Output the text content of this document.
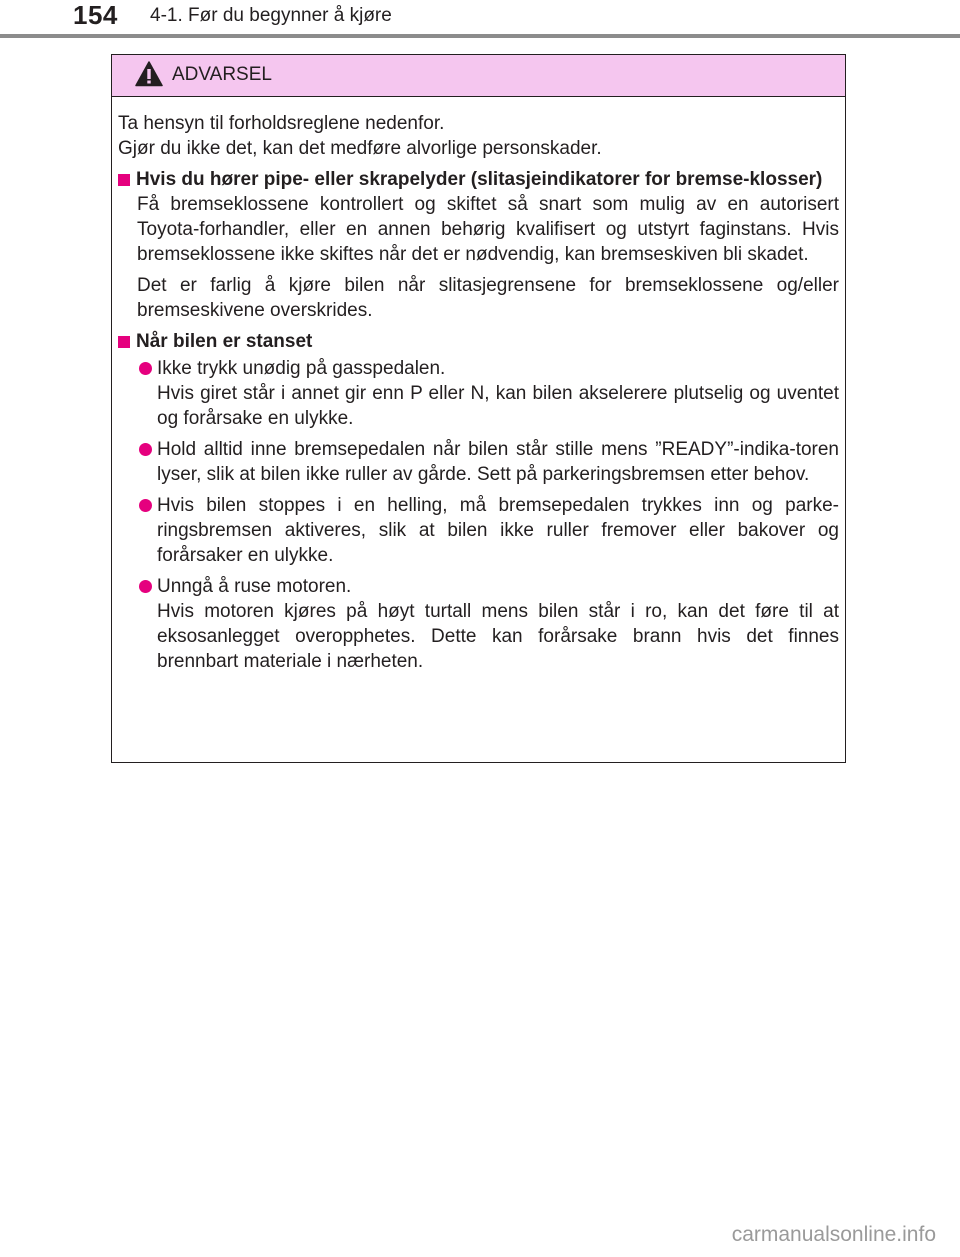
154 4-1. Før du begynner å kjøre
ADVARSEL

Ta hensyn til forholdsreglene nedenfor.

Gjør du ikke det, kan det medføre alvorlige personskader.

Hvis du hører pipe- eller skrapelyder (slitasjeindikatorer for bremse-klosser)

Få bremseklossene kontrollert og skiftet så snart som mulig av en autorisert Toyota-forhandler, eller en annen behørig kvalifisert og utstyrt faginstans. Hvis bremseklossene ikke skiftes når det er nødvendig, kan bremseskiven bli skadet.

Det er farlig å kjøre bilen når slitasjegrensene for bremseklossene og/eller bremseskivene overskrides.

Når bilen er stanset
Ikke trykk unødig på gasspedalen.
Hvis giret står i annet gir enn P eller N, kan bilen akselerere plutselig og uventet og forårsake en ulykke.
Hold alltid inne bremsepedalen når bilen står stille mens ”READY”-indika-toren lyser, slik at bilen ikke ruller av gårde. Sett på parkeringsbremsen etter behov.
Hvis bilen stoppes i en helling, må bremsepedalen trykkes inn og parke-ringsbremsen aktiveres, slik at bilen ikke ruller fremover eller bakover og forårsaker en ulykke.
Unngå å ruse motoren.
Hvis motoren kjøres på høyt turtall mens bilen står i ro, kan det føre til at eksosanlegget overopphetes. Dette kan forårsake brann hvis det finnes brennbart materiale i nærheten.
carmanualsonline.info
